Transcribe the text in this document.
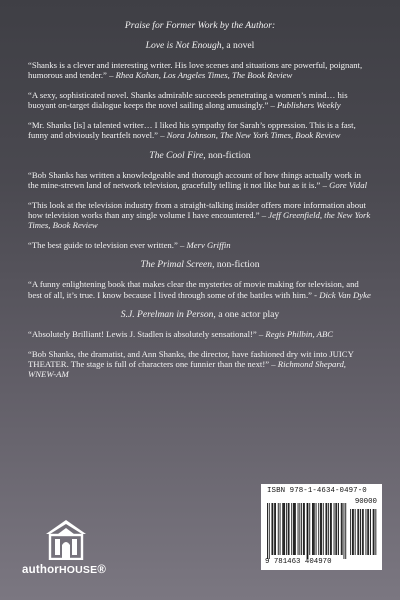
Praise for Former Work by the Author:

Love is Not Enough, a novel

“Shanks is a clever and interesting writer. His love scenes and situations are powerful, poignant, humorous and tender.” – Rhea Kohan, Los Angeles Times, The Book Review

“A sexy, sophisticated novel. Shanks admirable succeeds penetrating a women’s mind… his buoyant on-target dialogue keeps the novel sailing along amusingly.” – Publishers Weekly

“Mr. Shanks [is] a talented writer… I liked his sympathy for Sarah’s oppression. This is a fast, funny and obviously heartfelt novel.” – Nora Johnson, The New York Times, Book Review

The Cool Fire, non-fiction

“Bob Shanks has written a knowledgeable and thorough account of how things actually work in the mine-strewn land of network television, gracefully telling it not like but as it is.” – Gore Vidal

“This look at the television industry from a straight-talking insider offers more information about how television works than any single volume I have encountered.” – Jeff Greenfield, the New York Times, Book Review

“The best guide to television ever written.” – Merv Griffin

The Primal Screen, non-fiction

“A funny enlightening book that makes clear the mysteries of movie making for television, and best of all, it’s true. I know because I lived through some of the battles with him.” - Dick Van Dyke

S.J. Perelman in Person, a one actor play

“Absolutely Brilliant! Lewis J. Stadlen is absolutely sensational!” – Regis Philbin, ABC

“Bob Shanks, the dramatist, and Ann Shanks, the director, have fashioned dry wit into JUICY THEATER. The stage is full of characters one funnier than the next!” – Richmond Shepard, WNEW-AM

authorHOUSE®
ISBN 978-1-4634-0497-0
90000
9 781463 404970
